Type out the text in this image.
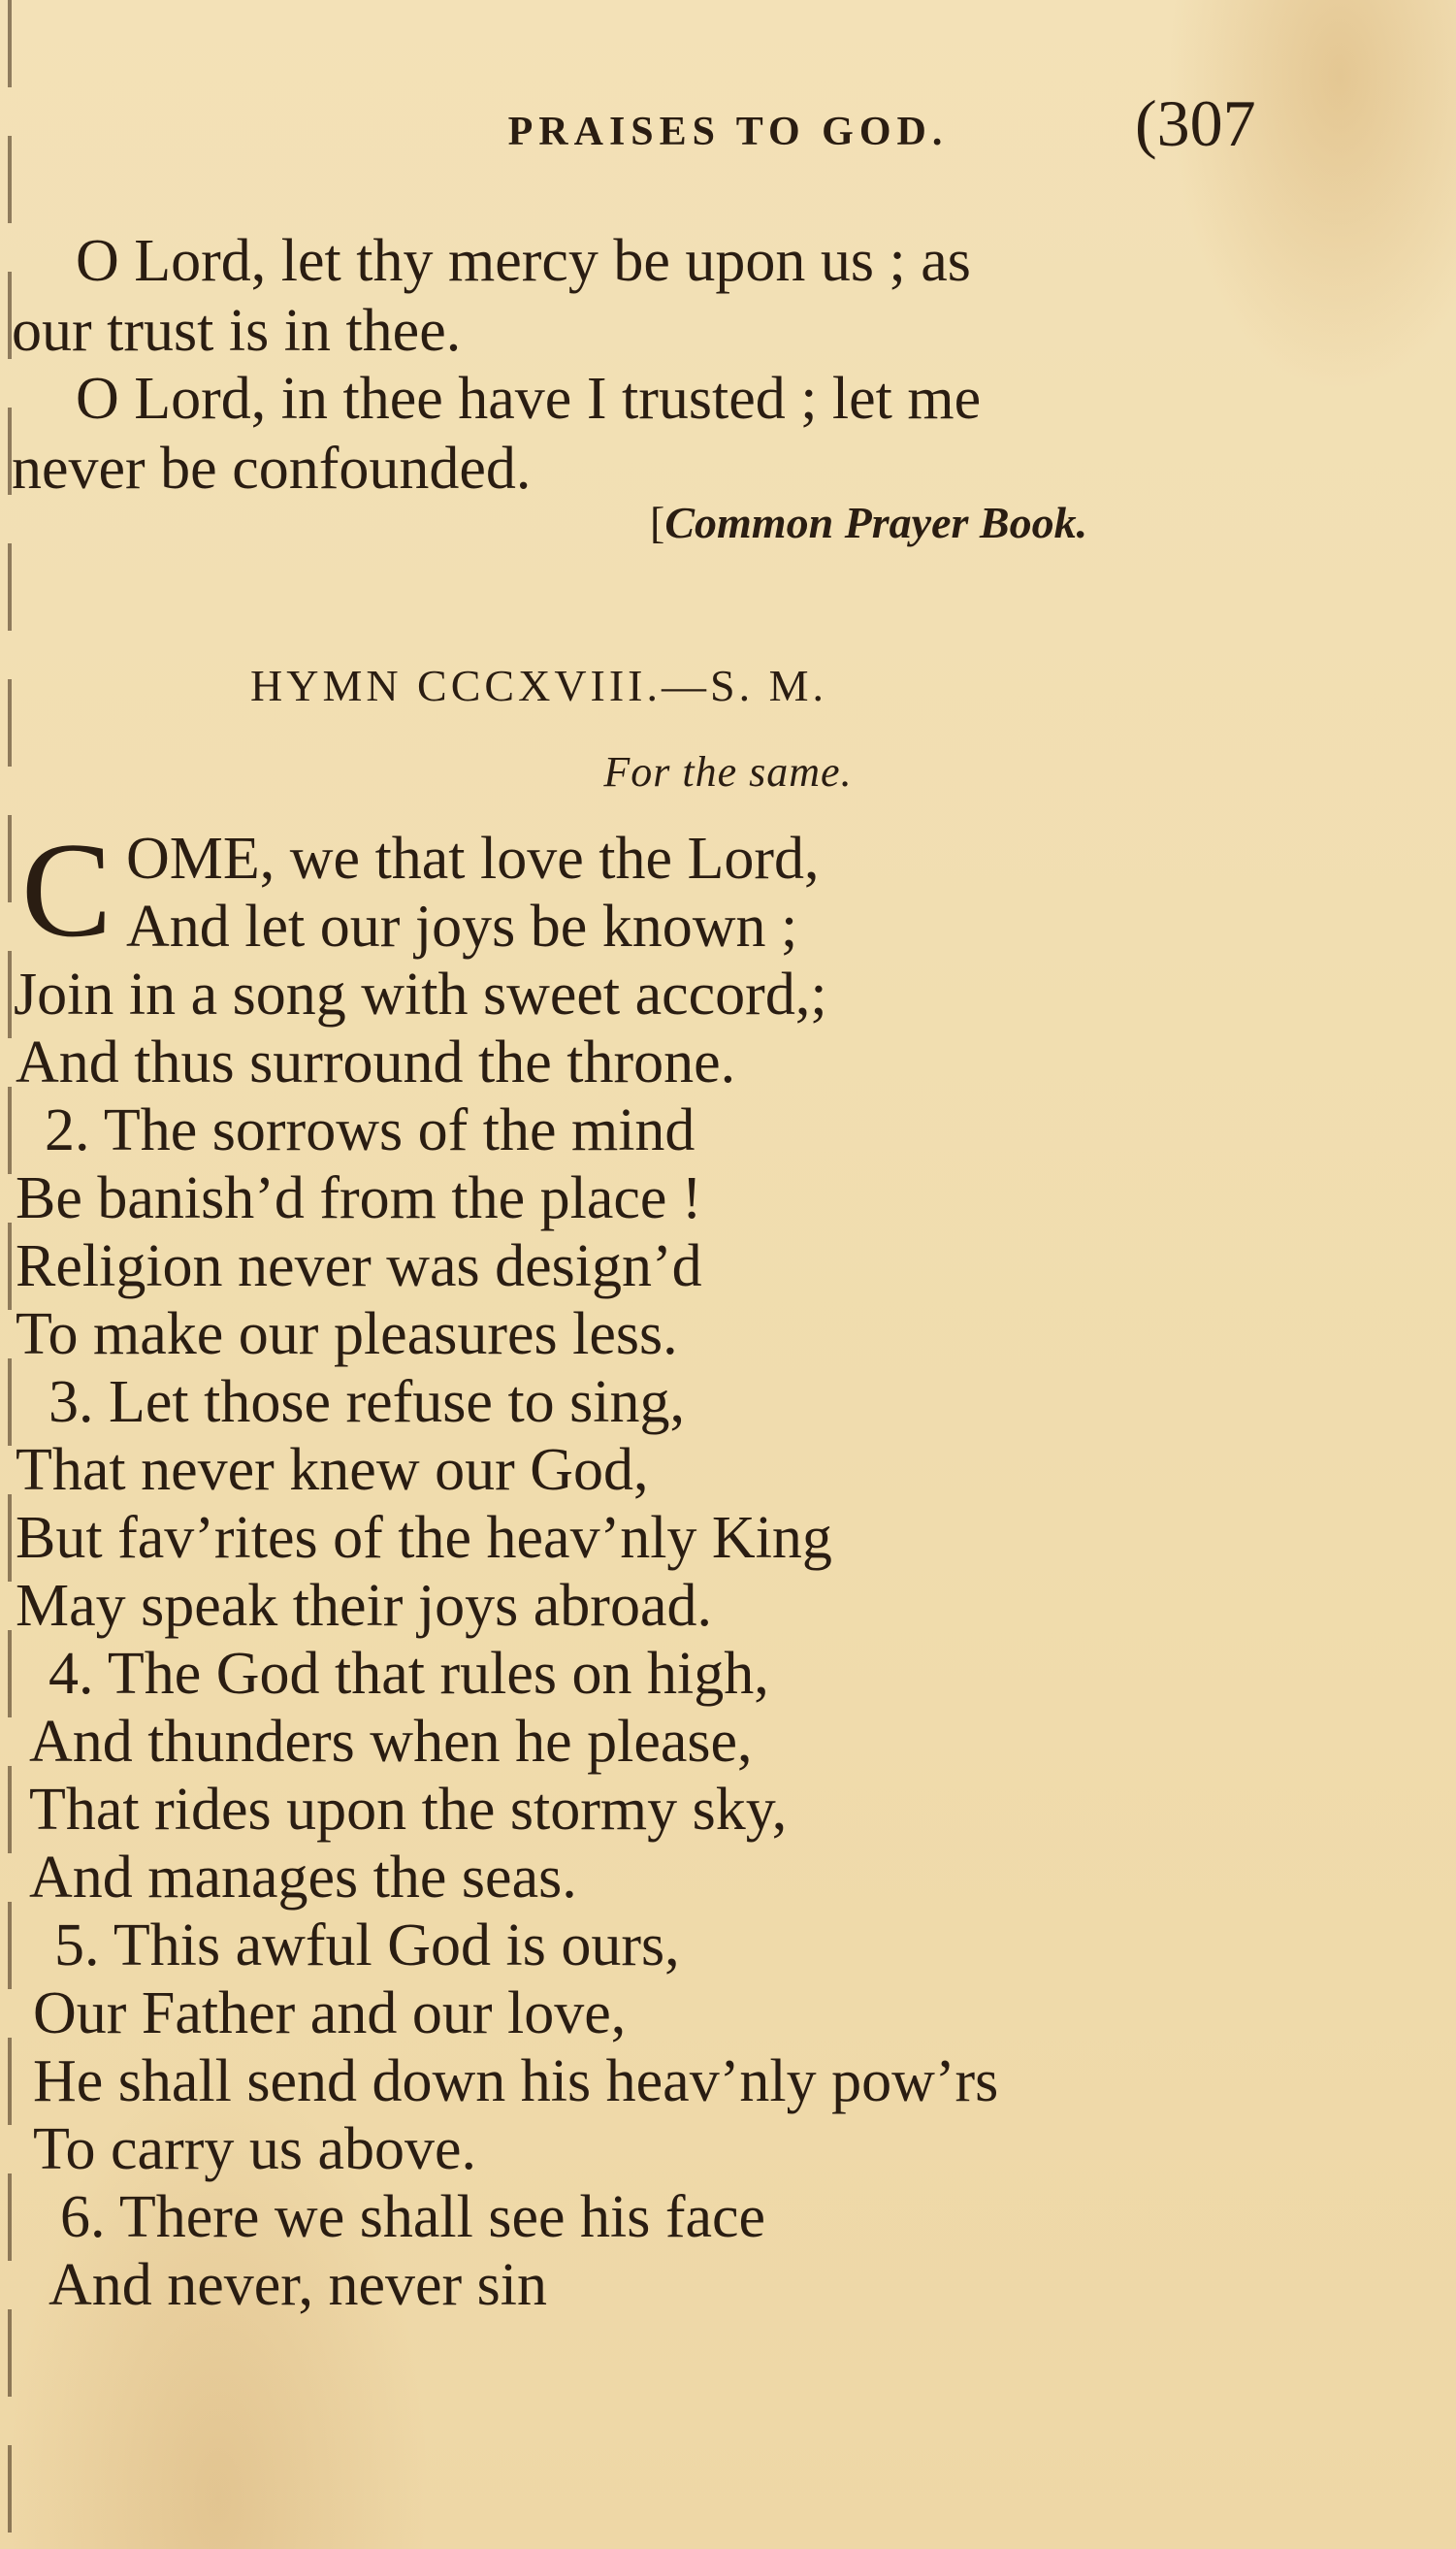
PRAISES TO GOD.	(307
O Lord, let thy mercy be upon us ; as
our trust is in thee.
O Lord, in thee have I trusted ; let me
never be confounded.
[Common Prayer Book.
HYMN CCCXVIII.—S. M.
For the same.
C OME, we that love the Lord,
And let our joys be known ;
Join in a song with sweet accord,;
And thus surround the throne.
2. The sorrows of the mind
Be banish’d from the place !
Religion never was design’d
To make our pleasures less.
3. Let those refuse to sing,
That never knew our God,
But fav’rites of the heav’nly King
May speak their joys abroad.
4. The God that rules on high,
And thunders when he please,
That rides upon the stormy sky,
And manages the seas.
5. This awful God is ours,
Our Father and our love,
He shall send down his heav’nly pow’rs
To carry us above.
6. There we shall see his face
And never, never sin
